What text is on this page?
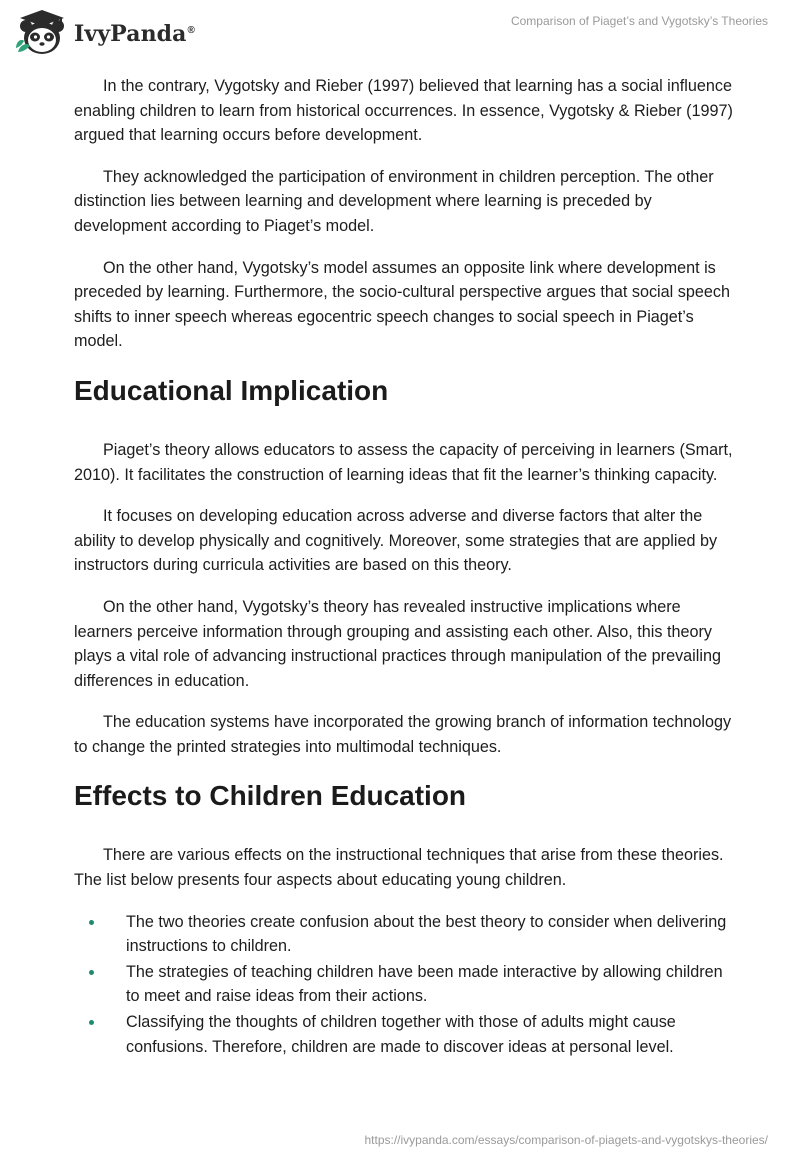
IvyPanda®
Comparison of Piaget’s and Vygotsky’s Theories

In the contrary, Vygotsky and Rieber (1997) believed that learning has a social influence enabling children to learn from historical occurrences. In essence, Vygotsky & Rieber (1997) argued that learning occurs before development.

They acknowledged the participation of environment in children perception. The other distinction lies between learning and development where learning is preceded by development according to Piaget’s model.

On the other hand, Vygotsky’s model assumes an opposite link where development is preceded by learning. Furthermore, the socio-cultural perspective argues that social speech shifts to inner speech whereas egocentric speech changes to social speech in Piaget’s model.

Educational Implication

Piaget’s theory allows educators to assess the capacity of perceiving in learners (Smart, 2010). It facilitates the construction of learning ideas that fit the learner’s thinking capacity.

It focuses on developing education across adverse and diverse factors that alter the ability to develop physically and cognitively. Moreover, some strategies that are applied by instructors during curricula activities are based on this theory.

On the other hand, Vygotsky’s theory has revealed instructive implications where learners perceive information through grouping and assisting each other. Also, this theory plays a vital role of advancing instructional practices through manipulation of the prevailing differences in education.

The education systems have incorporated the growing branch of information technology to change the printed strategies into multimodal techniques.

Effects to Children Education

There are various effects on the instructional techniques that arise from these theories. The list below presents four aspects about educating young children.

The two theories create confusion about the best theory to consider when delivering instructions to children.
The strategies of teaching children have been made interactive by allowing children to meet and raise ideas from their actions.
Classifying the thoughts of children together with those of adults might cause confusions. Therefore, children are made to discover ideas at personal level.
https://ivypanda.com/essays/comparison-of-piagets-and-vygotskys-theories/
